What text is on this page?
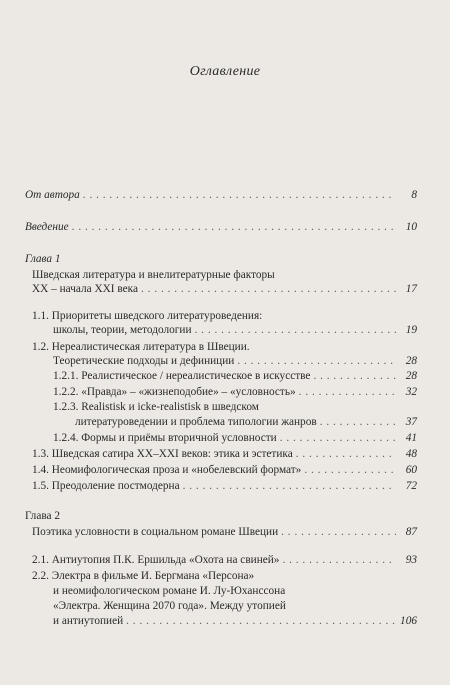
Оглавление
От автора . . .	8
Введение . . .	10
Глава 1
Шведская литература и внелитературные факторы
XX – начала XXI века . . .	17
1.1. Приоритеты шведского литературоведения:
школы, теории, методологии . . .	19
1.2. Нереалистическая литература в Швеции.
Теоретические подходы и дефиниции . . .	28
1.2.1. Реалистическое / нереалистическое в искусстве . . .	28
1.2.2. «Правда» – «жизнеподобие» – «условность» . . .	32
1.2.3. Realistisk и icke-realistisk в шведском
литературоведении и проблема типологии жанров . . .	37
1.2.4. Формы и приёмы вторичной условности . . .	41
1.3. Шведская сатира XX–XXI веков: этика и эстетика . . .	48
1.4. Неомифологическая проза и «нобелевский формат» . . .	60
1.5. Преодоление постмодерна . . .	72
Глава 2
Поэтика условности в социальном романе Швеции . . .	87
2.1. Антиутопия П.К. Ершильда «Охота на свиней» . . .	93
2.2. Электра в фильме И. Бергмана «Персона»
и неомифологическом романе И. Лу-Юханссона
«Электра. Женщина 2070 года». Между утопией
и антиутопией . . .	106
